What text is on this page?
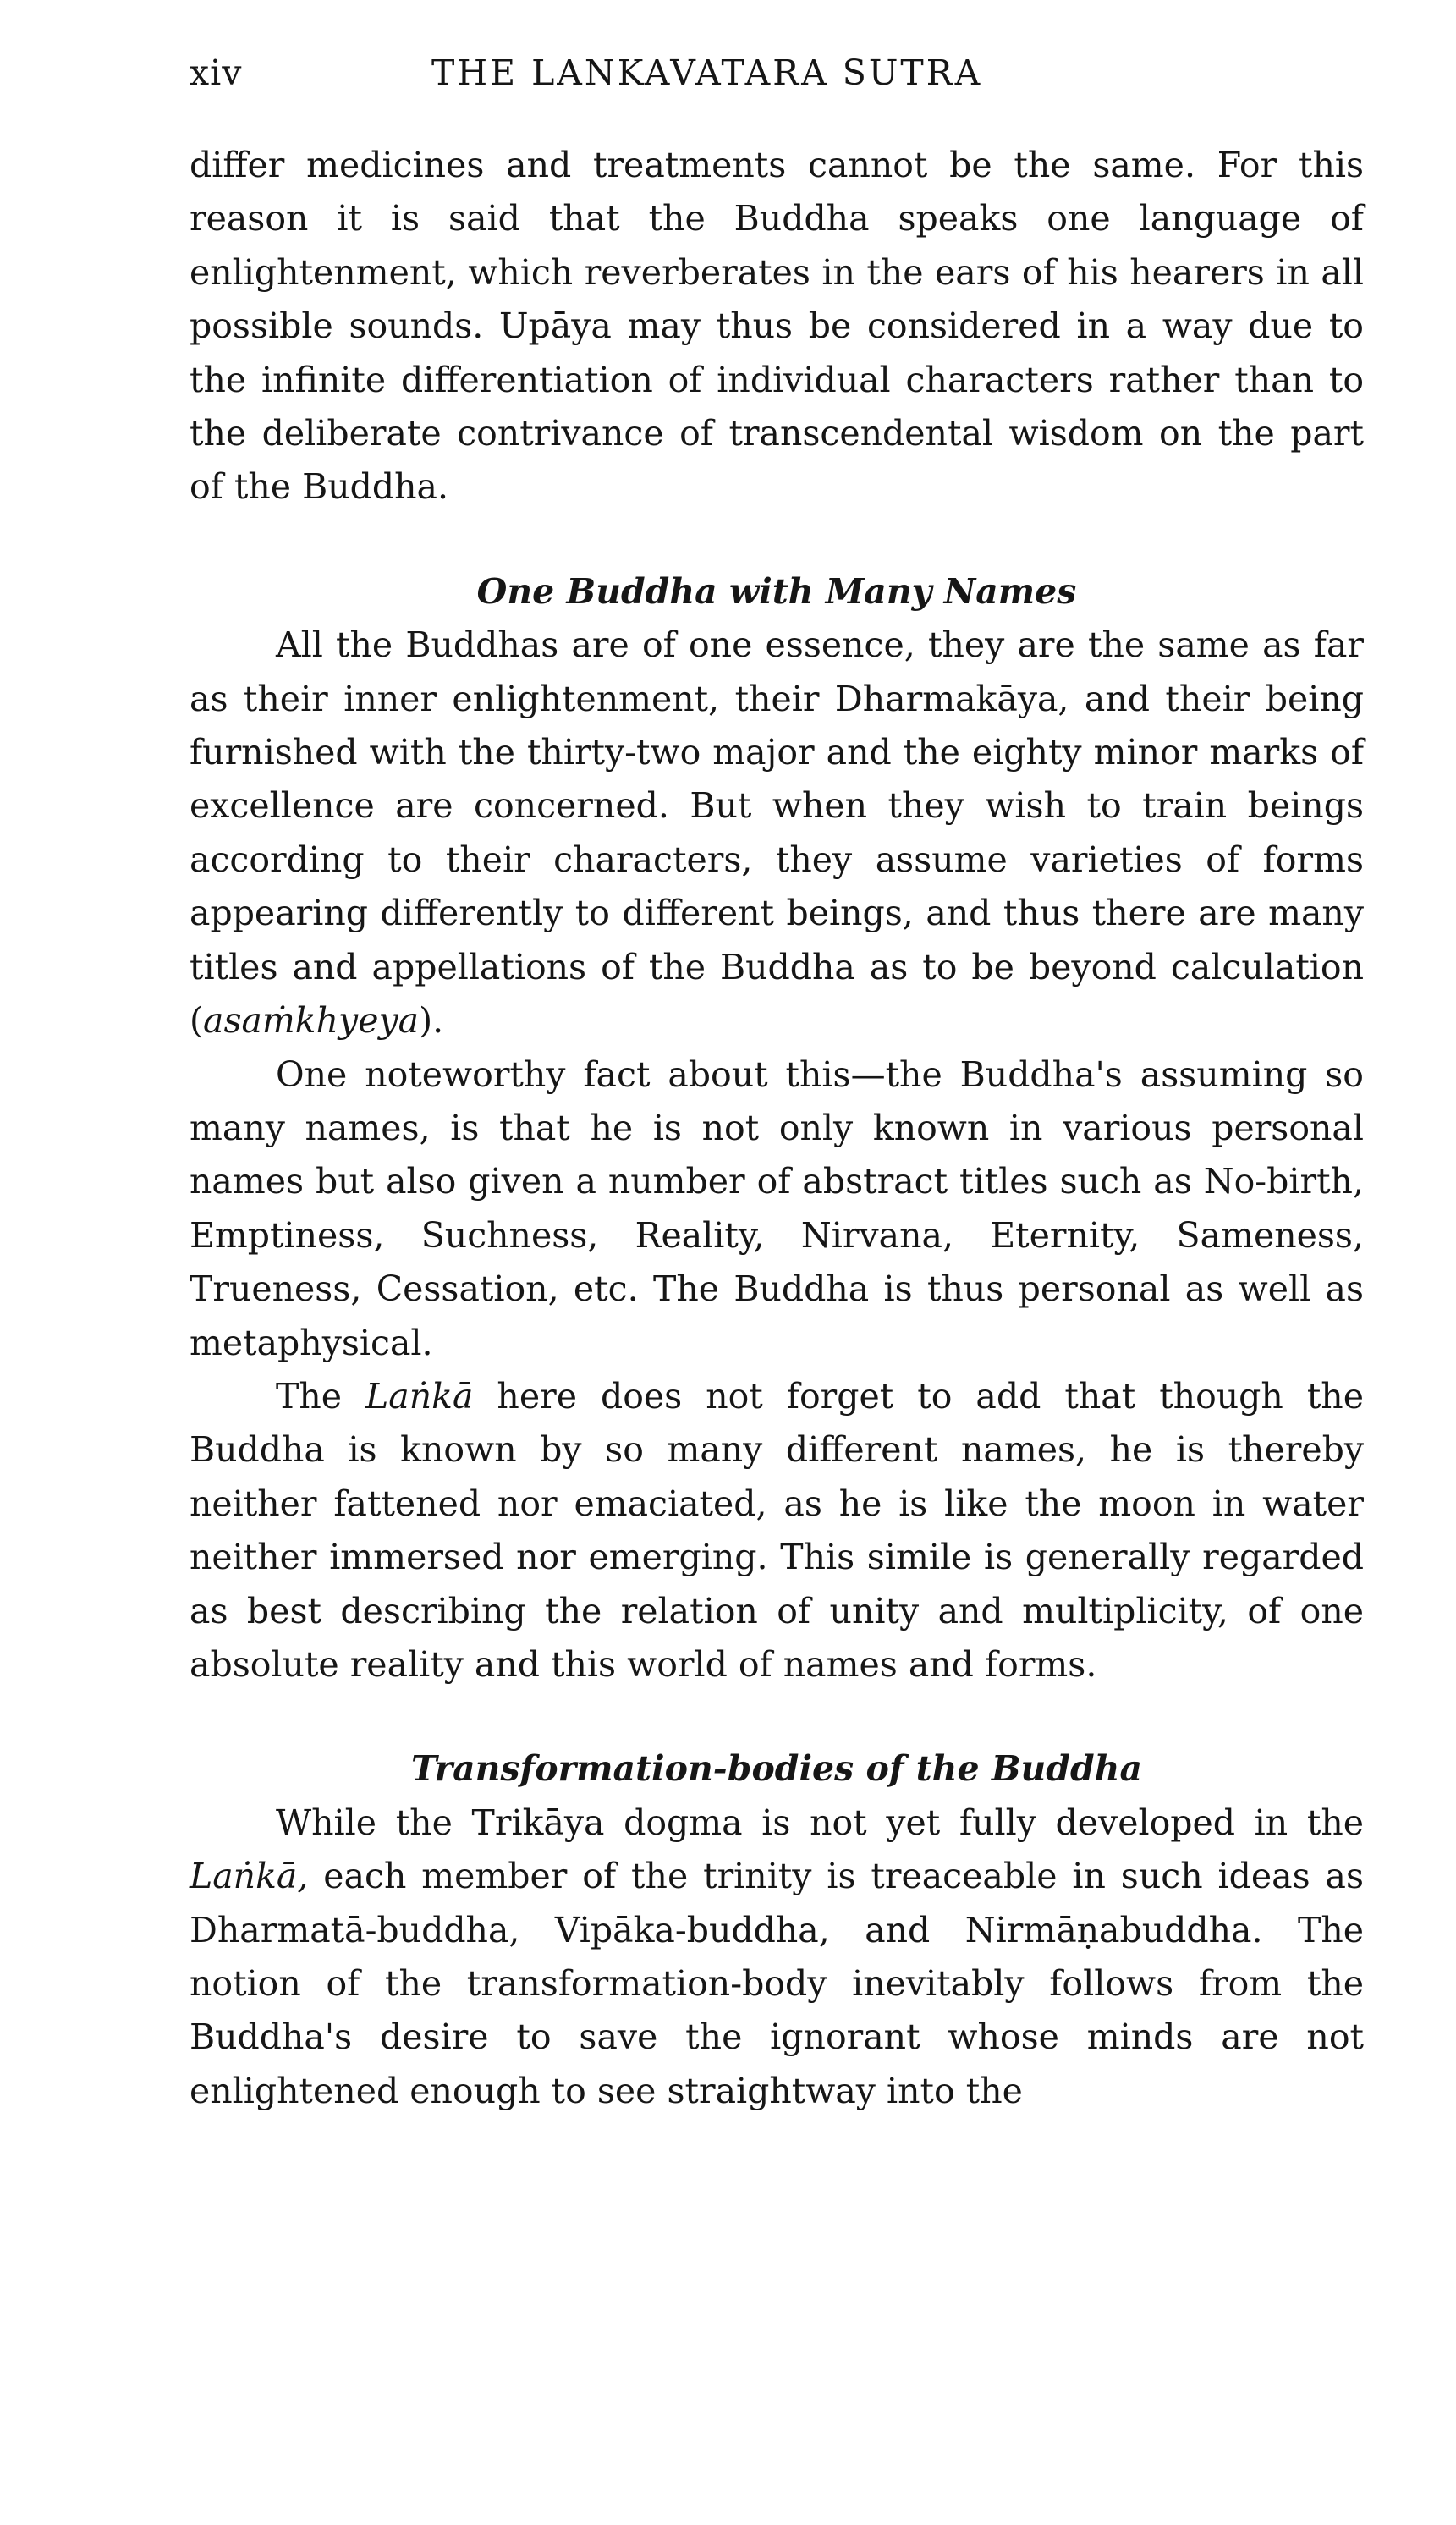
xiv	THE LANKAVATARA SUTRA

differ medicines and treatments cannot be the same. For this reason it is said that the Buddha speaks one language of enlightenment, which reverberates in the ears of his hearers in all possible sounds. Upāya may thus be considered in a way due to the infinite differentiation of individual characters rather than to the deliberate contrivance of transcendental wisdom on the part of the Buddha.

One Buddha with Many Names

All the Buddhas are of one essence, they are the same as far as their inner enlightenment, their Dharmakāya, and their being furnished with the thirty-two major and the eighty minor marks of excellence are concerned. But when they wish to train beings according to their characters, they assume varieties of forms appearing differently to different beings, and thus there are many titles and appellations of the Buddha as to be beyond calculation (asaṁkhyeya).

One noteworthy fact about this—the Buddha's assuming so many names, is that he is not only known in various personal names but also given a number of abstract titles such as No-birth, Emptiness, Suchness, Reality, Nirvana, Eternity, Sameness, Trueness, Cessation, etc. The Buddha is thus personal as well as metaphysical.

The Laṅkā here does not forget to add that though the Buddha is known by so many different names, he is thereby neither fattened nor emaciated, as he is like the moon in water neither immersed nor emerging. This simile is generally regarded as best describing the relation of unity and multiplicity, of one absolute reality and this world of names and forms.

Transformation-bodies of the Buddha

While the Trikāya dogma is not yet fully developed in the Laṅkā, each member of the trinity is treaceable in such ideas as Dharmatā-buddha, Vipāka-buddha, and Nirmāṇabuddha. The notion of the transformation-body inevitably follows from the Buddha's desire to save the ignorant whose minds are not enlightened enough to see straightway into the
